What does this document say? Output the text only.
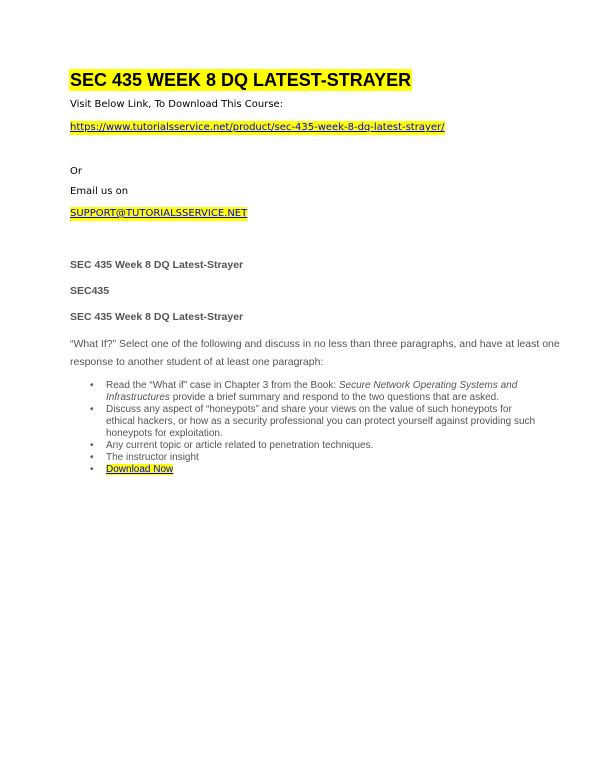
SEC 435 WEEK 8 DQ LATEST-STRAYER
Visit Below Link, To Download This Course:
https://www.tutorialsservice.net/product/sec-435-week-8-dq-latest-strayer/
Or
Email us on
SUPPORT@TUTORIALSSERVICE.NET
SEC 435 Week 8 DQ Latest-Strayer
SEC435
SEC 435 Week 8 DQ Latest-Strayer
“What If?” Select one of the following and discuss in no less than three paragraphs, and have at least one
response to another student of at least one paragraph:
• Read the “What if” case in Chapter 3 from the Book: Secure Network Operating Systems and Infrastructures provide a brief summary and respond to the two questions that are asked.
• Discuss any aspect of “honeypots” and share your views on the value of such honeypots for ethical hackers, or how as a security professional you can protect yourself against providing such honeypots for exploitation.
• Any current topic or article related to penetration techniques.
• The instructor insight
• Download Now
